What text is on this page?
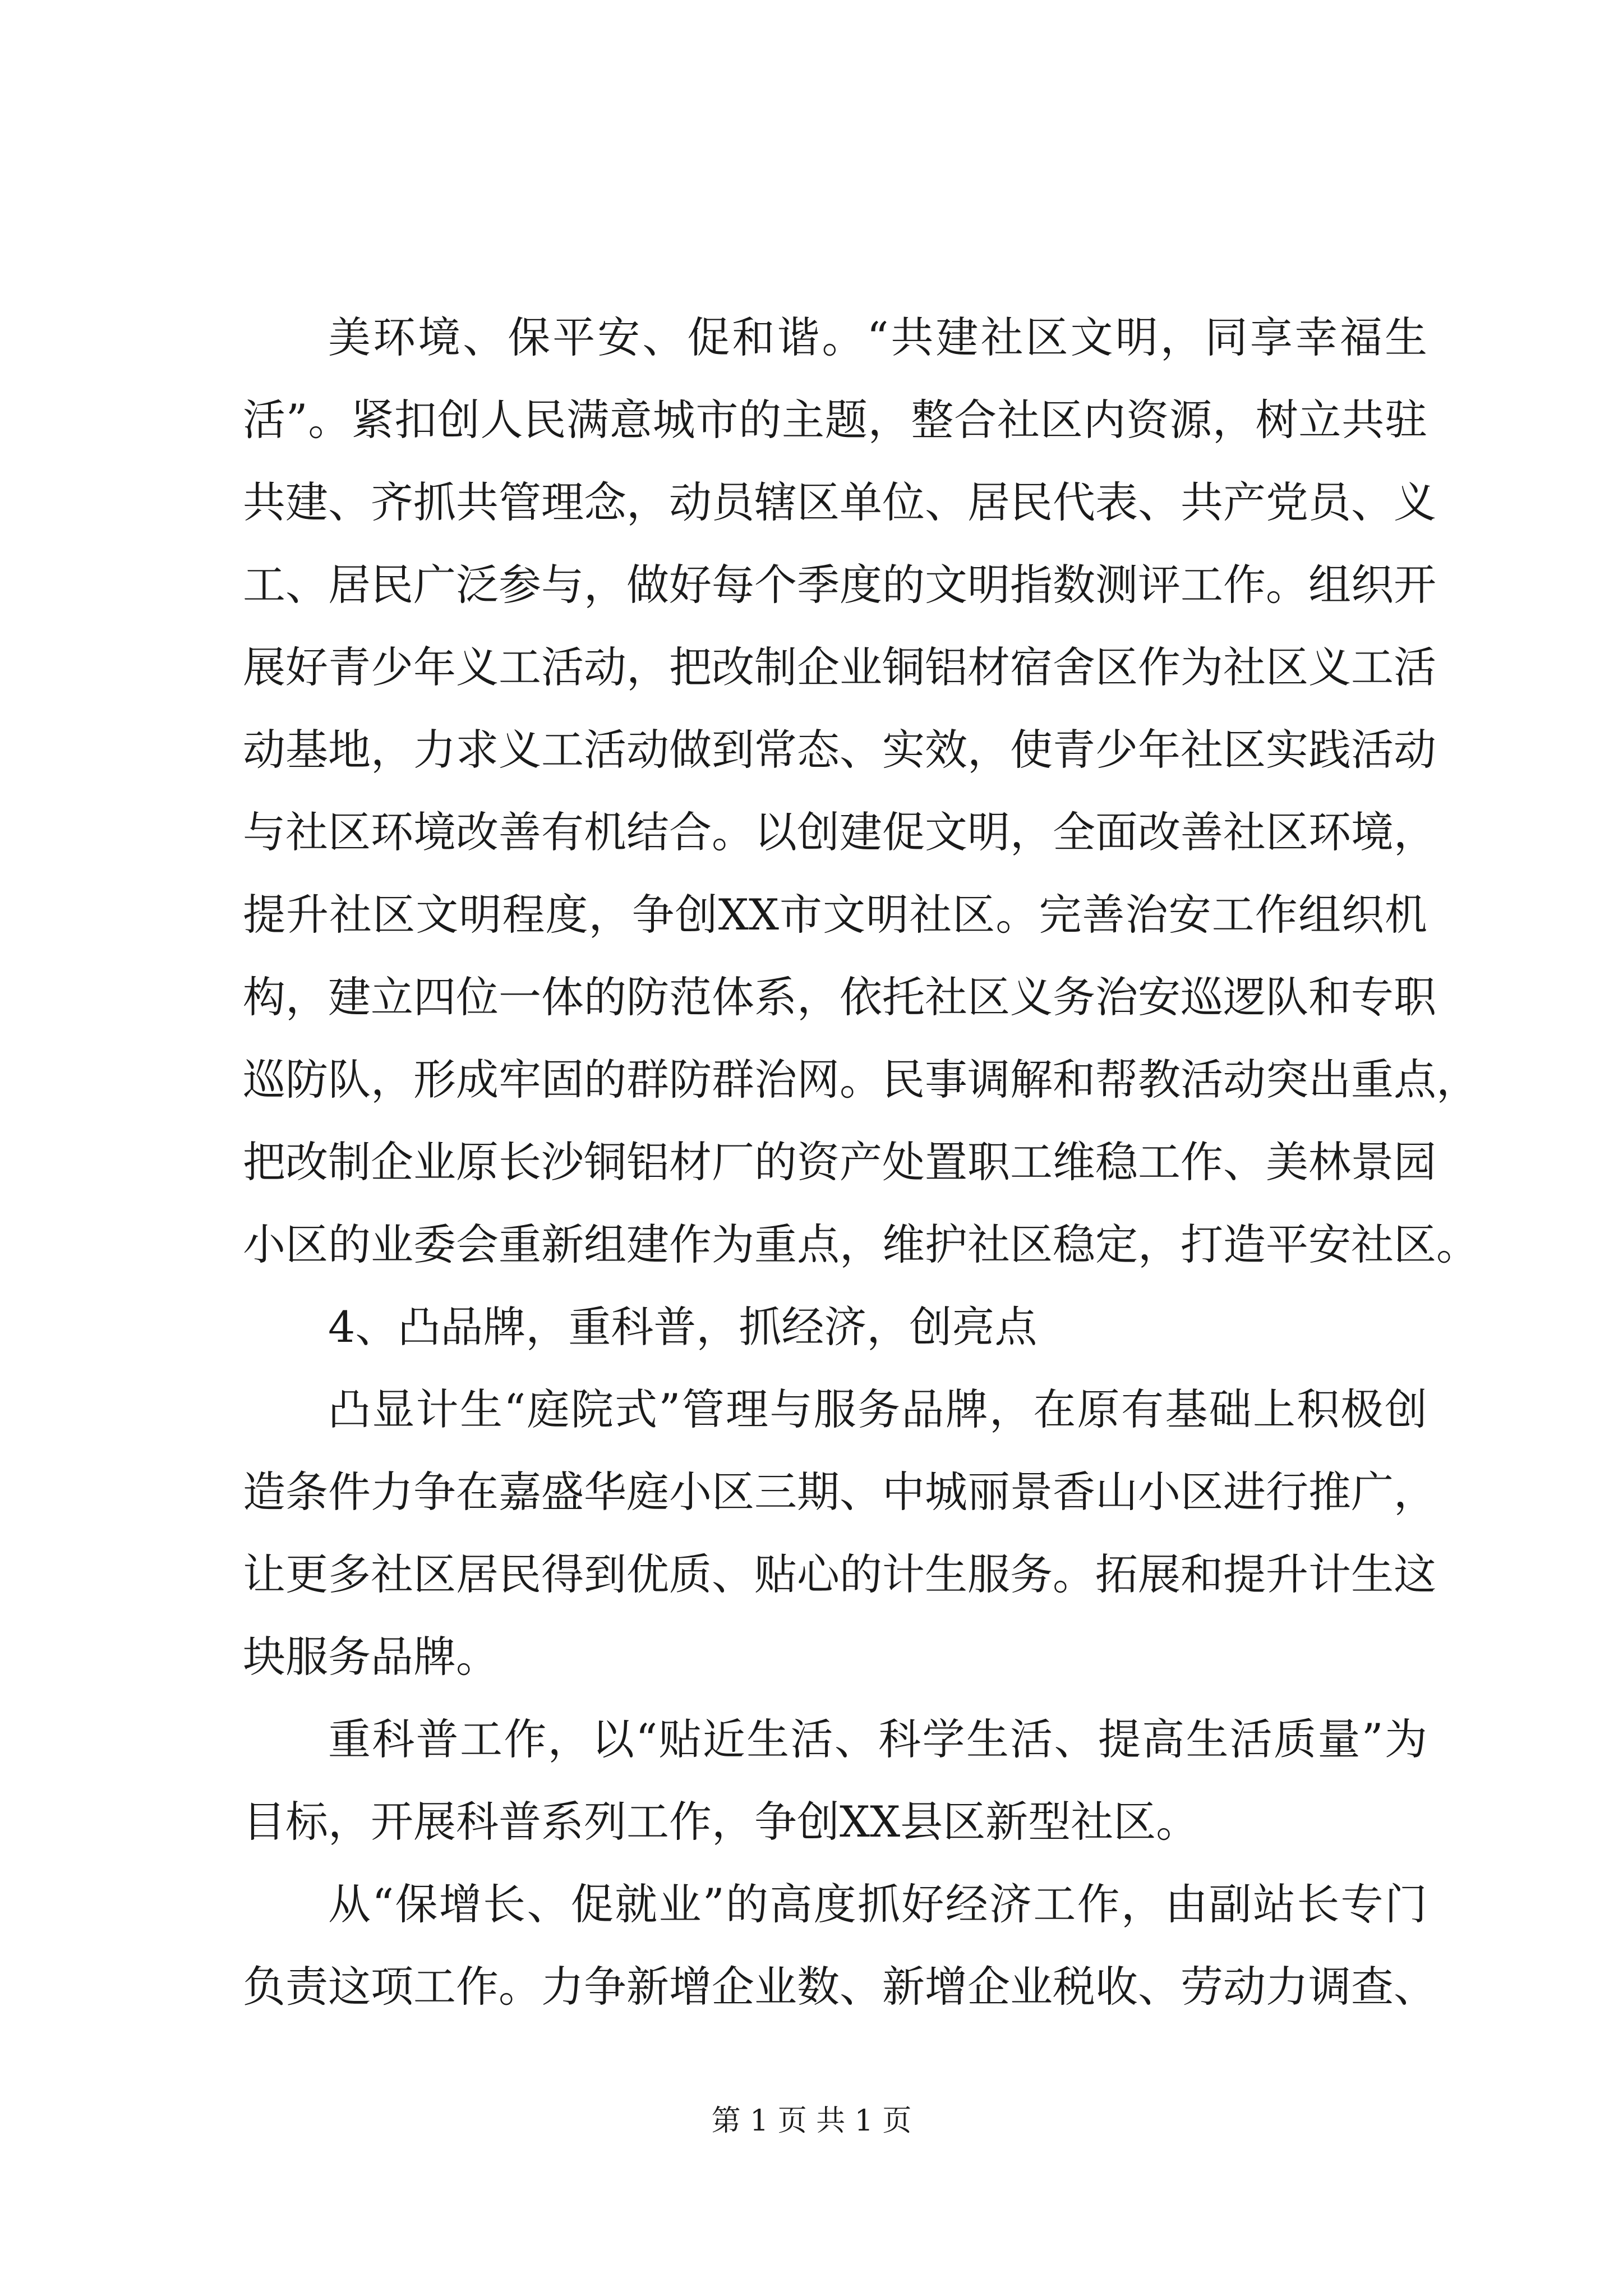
美环境、保平安、促和谐。“共建社区文明，同享幸福生
活”。紧扣创人民满意城市的主题，整合社区内资源，树立共驻
共建、齐抓共管理念，动员辖区单位、居民代表、共产党员、义
工、居民广泛参与，做好每个季度的文明指数测评工作。组织开
展好青少年义工活动，把改制企业铜铝材宿舍区作为社区义工活
动基地，力求义工活动做到常态、实效，使青少年社区实践活动
与社区环境改善有机结合。以创建促文明，全面改善社区环境，
提升社区文明程度，争创XX市文明社区。完善治安工作组织机
构，建立四位一体的防范体系，依托社区义务治安巡逻队和专职
巡防队，形成牢固的群防群治网。民事调解和帮教活动突出重点，
把改制企业原长沙铜铝材厂的资产处置职工维稳工作、美林景园
小区的业委会重新组建作为重点，维护社区稳定，打造平安社区。
4、凸品牌，重科普，抓经济，创亮点
凸显计生“庭院式”管理与服务品牌，在原有基础上积极创
造条件力争在嘉盛华庭小区三期、中城丽景香山小区进行推广，
让更多社区居民得到优质、贴心的计生服务。拓展和提升计生这
块服务品牌。
重科普工作，以“贴近生活、科学生活、提高生活质量”为
目标，开展科普系列工作，争创XX县区新型社区。
从“保增长、促就业”的高度抓好经济工作，由副站长专门
负责这项工作。力争新增企业数、新增企业税收、劳动力调查、
第 1 页 共 1 页
